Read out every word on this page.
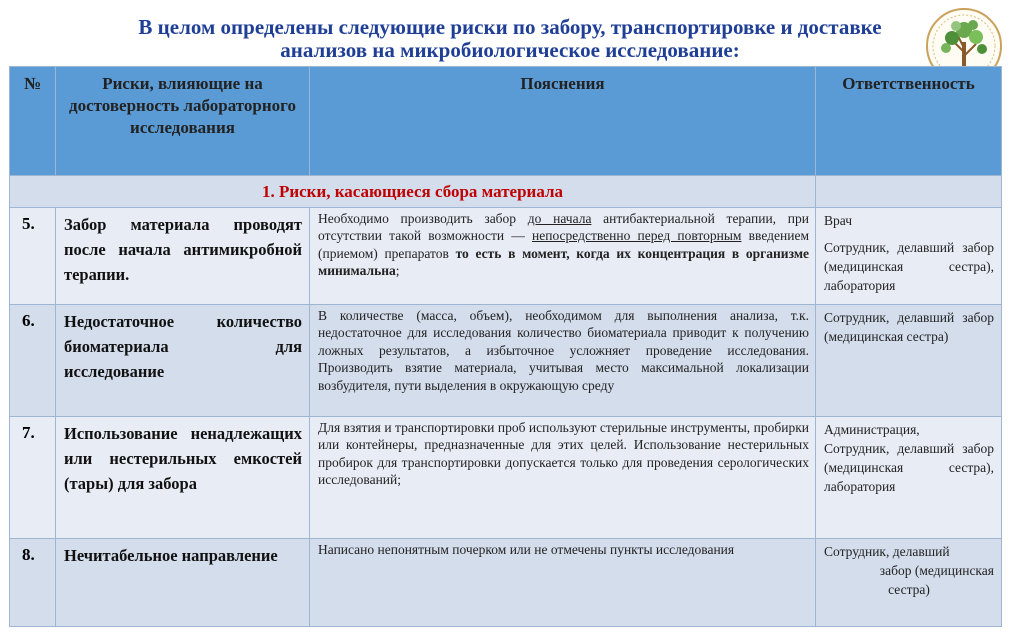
В целом определены следующие риски по забору, транспортировке и доставке
анализов на микробиологическое исследование:
№	Риски, влияющие на достоверность лабораторного исследования	Пояснения	Ответственность
1. Риски, касающиеся сбора материала			
5.	Забор материала проводят после начала антимикробной терапии.	Необходимо производить забор до начала антибактериальной терапии, при отсутствии такой возможности — непосредственно перед повторным введением (приемом) препаратов то есть в момент, когда их концентрация в организме минимальна;	Врач
Сотрудник, делавший забор (медицинская сестра), лаборатория

6.	Недостаточное количество биоматериала для исследование	В количестве (масса, объем), необходимом для выполнения анализа, т.к. недостаточное для исследования количество биоматериала приводит к получению ложных результатов, а избыточное усложняет проведение исследования. Производить взятие материала, учитывая место максимальной локализации возбудителя, пути выделения в окружающую среду	Сотрудник, делавший забор (медицинская сестра)
7.	Использование ненадлежащих или нестерильных емкостей (тары) для забора	Для взятия и транспортировки проб используют стерильные инструменты, пробирки или контейнеры, предназначенные для этих целей. Использование нестерильных пробирок для транспортировки допускается только для проведения серологических исследований;	Администрация,
Сотрудник, делавший забор (медицинская сестра), лаборатория

8.	Нечитабельное направление	Написано непонятным почерком или не отмечены пункты исследования	Сотрудник, делавший
забор (медицинская
сестра)
